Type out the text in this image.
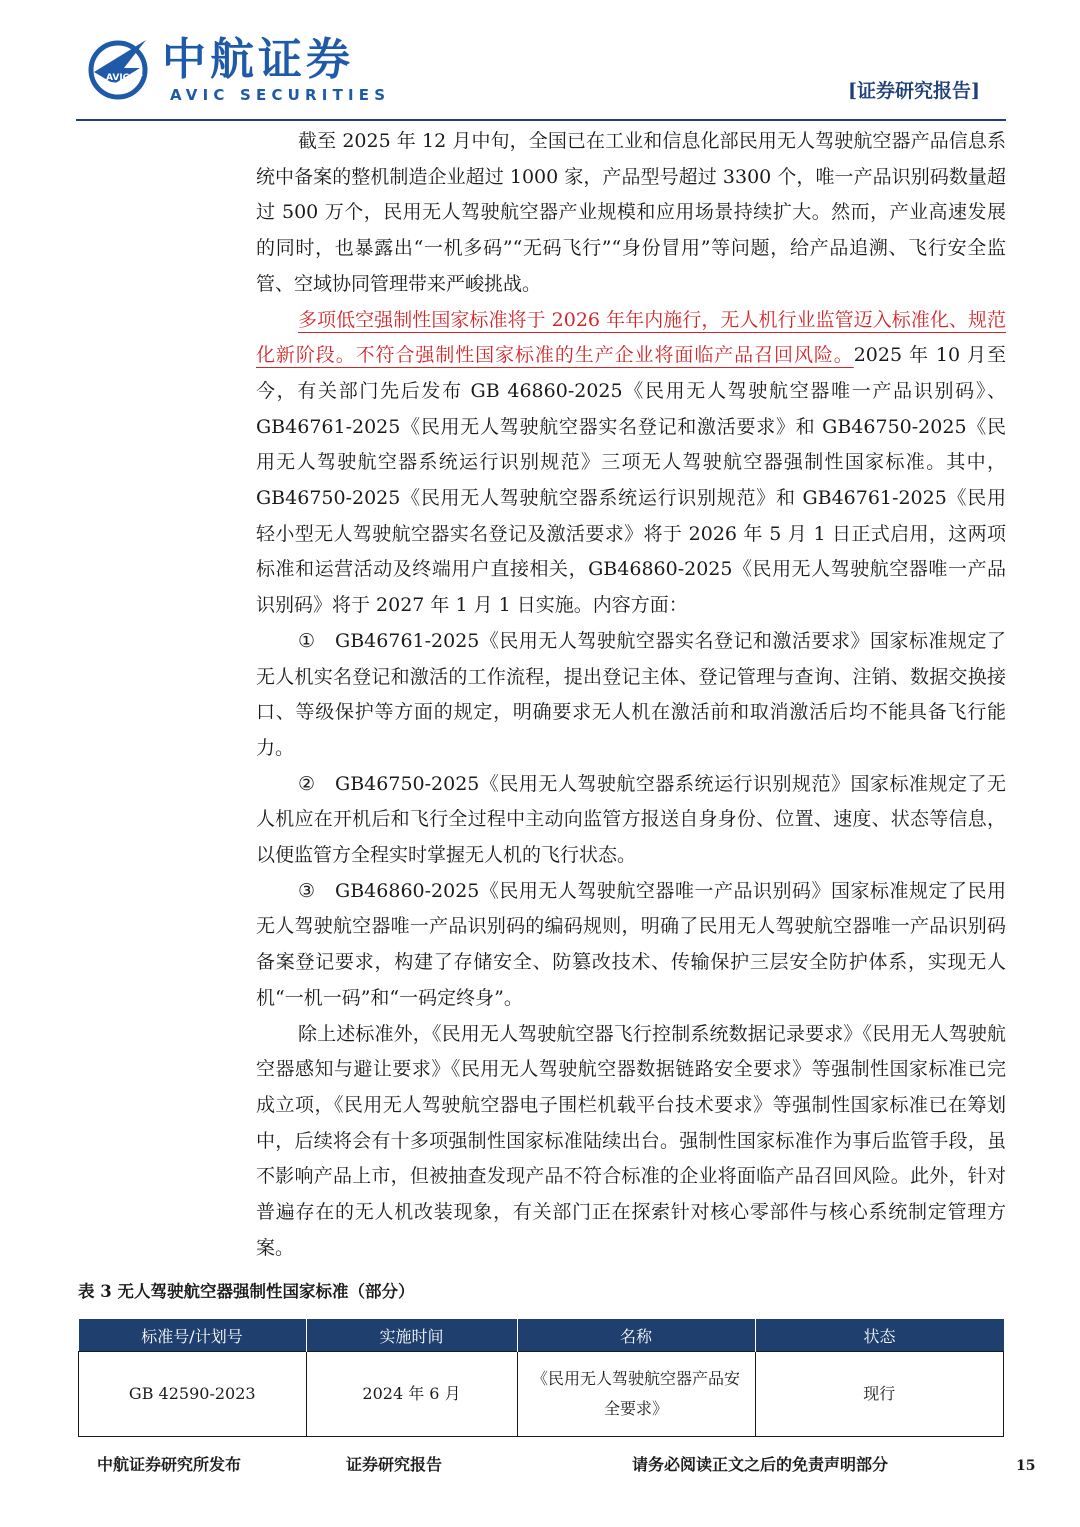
AVIC 中航证券
AVIC SECURITIES	[证券研究报告]

截至 2025 年 12 月中旬，全国已在工业和信息化部民用无人驾驶航空器产品信息系统中备案的整机制造企业超过 1000 家，产品型号超过 3300 个，唯一产品识别码数量超过 500 万个，民用无人驾驶航空器产业规模和应用场景持续扩大。然而，产业高速发展的同时，也暴露出“一机多码”“无码飞行”“身份冒用”等问题，给产品追溯、飞行安全监管、空域协同管理带来严峻挑战。

多项低空强制性国家标准将于 2026 年年内施行，无人机行业监管迈入标准化、规范化新阶段。不符合强制性国家标准的生产企业将面临产品召回风险。2025 年 10 月至今，有关部门先后发布 GB 46860-2025《民用无人驾驶航空器唯一产品识别码》、GB46761-2025《民用无人驾驶航空器实名登记和激活要求》和 GB46750-2025《民用无人驾驶航空器系统运行识别规范》三项无人驾驶航空器强制性国家标准。其中，GB46750-2025《民用无人驾驶航空器系统运行识别规范》和 GB46761-2025《民用轻小型无人驾驶航空器实名登记及激活要求》将于 2026 年 5 月 1 日正式启用，这两项标准和运营活动及终端用户直接相关，GB46860-2025《民用无人驾驶航空器唯一产品识别码》将于 2027 年 1 月 1 日实施。内容方面：

①　GB46761-2025《民用无人驾驶航空器实名登记和激活要求》国家标准规定了无人机实名登记和激活的工作流程，提出登记主体、登记管理与查询、注销、数据交换接口、等级保护等方面的规定，明确要求无人机在激活前和取消激活后均不能具备飞行能力。

②　GB46750-2025《民用无人驾驶航空器系统运行识别规范》国家标准规定了无人机应在开机后和飞行全过程中主动向监管方报送自身身份、位置、速度、状态等信息，以便监管方全程实时掌握无人机的飞行状态。

③　GB46860-2025《民用无人驾驶航空器唯一产品识别码》国家标准规定了民用无人驾驶航空器唯一产品识别码的编码规则，明确了民用无人驾驶航空器唯一产品识别码备案登记要求，构建了存储安全、防篡改技术、传输保护三层安全防护体系，实现无人机“一机一码”和“一码定终身”。

除上述标准外，《民用无人驾驶航空器飞行控制系统数据记录要求》《民用无人驾驶航空器感知与避让要求》《民用无人驾驶航空器数据链路安全要求》等强制性国家标准已完成立项，《民用无人驾驶航空器电子围栏机载平台技术要求》等强制性国家标准已在筹划中，后续将会有十多项强制性国家标准陆续出台。强制性国家标准作为事后监管手段，虽不影响产品上市，但被抽查发现产品不符合标准的企业将面临产品召回风险。此外，针对普遍存在的无人机改装现象，有关部门正在探索针对核心零部件与核心系统制定管理方案。

表 3 无人驾驶航空器强制性国家标准（部分）
标准号/计划号	实施时间	名称	状态
GB 42590-2023	2024 年 6 月	《民用无人驾驶航空器产品安全要求》	现行
中航证券研究所发布	证券研究报告	请务必阅读正文之后的免责声明部分	15
